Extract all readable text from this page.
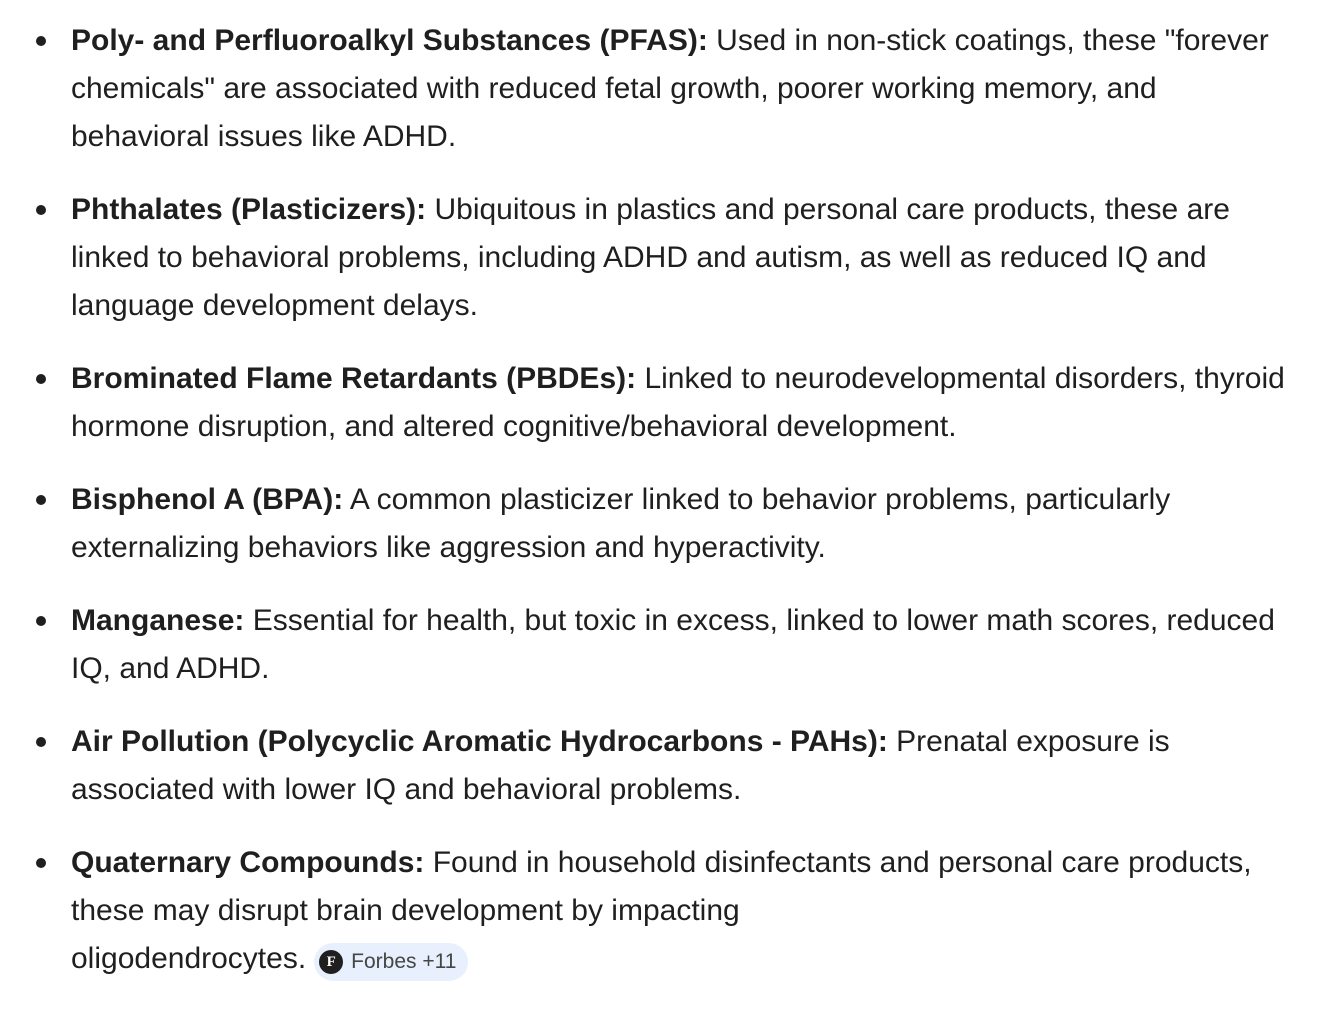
Poly- and Perfluoroalkyl Substances (PFAS): Used in non-stick coatings, these "forever chemicals" are associated with reduced fetal growth, poorer working memory, and behavioral issues like ADHD.
Phthalates (Plasticizers): Ubiquitous in plastics and personal care products, these are linked to behavioral problems, including ADHD and autism, as well as reduced IQ and language development delays.
Brominated Flame Retardants (PBDEs): Linked to neurodevelopmental disorders, thyroid hormone disruption, and altered cognitive/behavioral development.
Bisphenol A (BPA): A common plasticizer linked to behavior problems, particularly externalizing behaviors like aggression and hyperactivity.
Manganese: Essential for health, but toxic in excess, linked to lower math scores, reduced IQ, and ADHD.
Air Pollution (Polycyclic Aromatic Hydrocarbons - PAHs): Prenatal exposure is associated with lower IQ and behavioral problems.
Quaternary Compounds: Found in household disinfectants and personal care products, these may disrupt brain development by impacting
oligodendrocytes.	F Forbes +11
